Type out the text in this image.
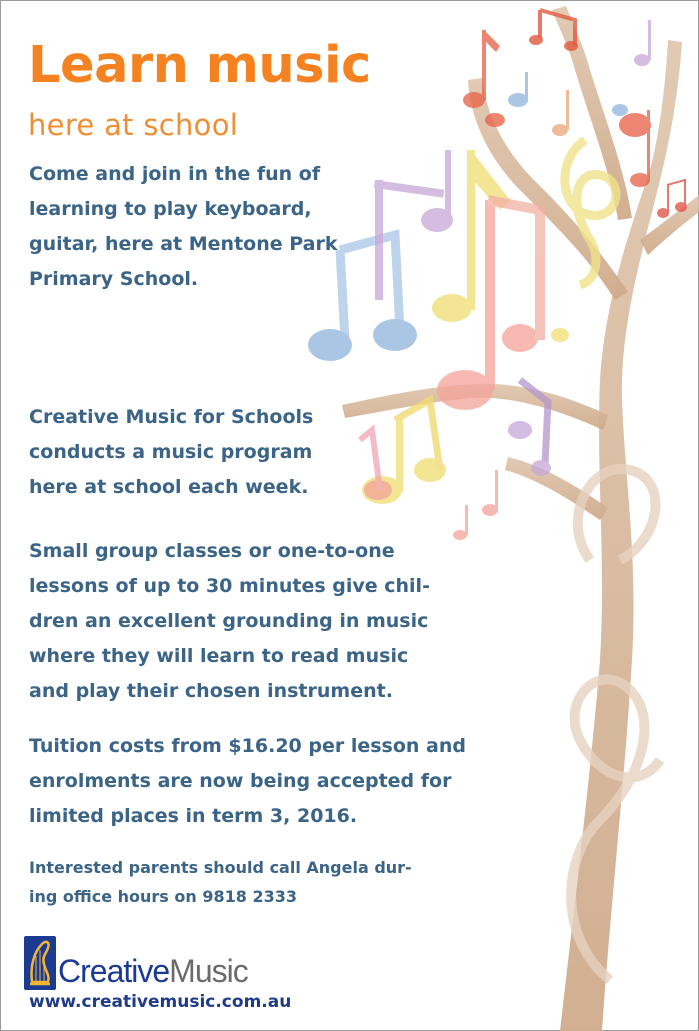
Learn music
here at school

Come and join in the fun of
learning to play keyboard,
guitar, here at Mentone Park
Primary School.

Creative Music for Schools
conducts a music program
here at school each week.

Small group classes or one-to-one
lessons of up to 30 minutes give chil-
dren an excellent grounding in music
where they will learn to read music
and play their chosen instrument.

Tuition costs from $16.20 per lesson and
enrolments are now being accepted for
limited places in term 3, 2016.

Interested parents should call Angela dur-
ing office hours on 9818 2333

CreativeMusic

www.creativemusic.com.au
